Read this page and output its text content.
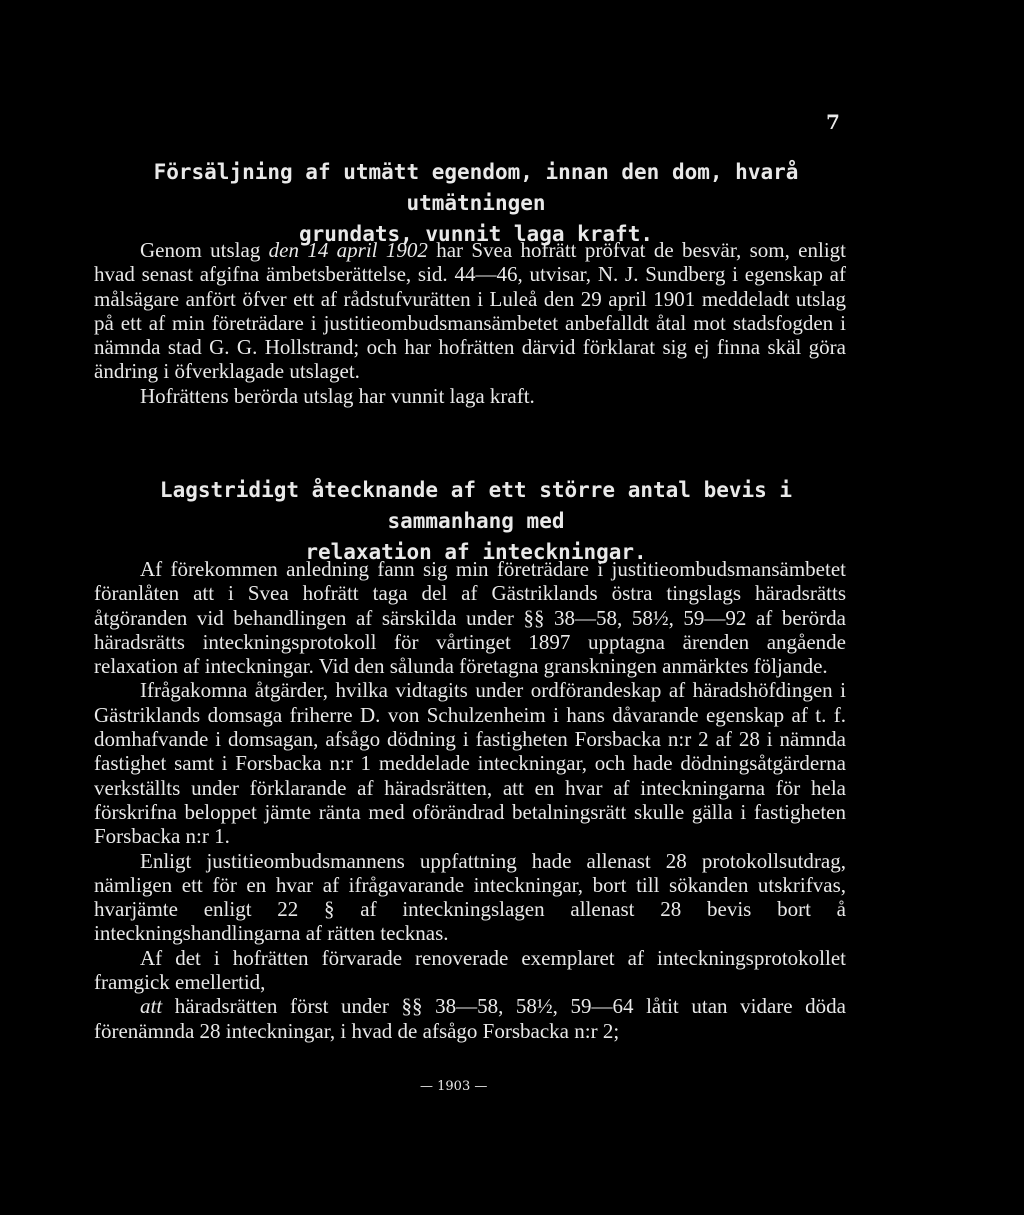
7
Försäljning af utmätt egendom, innan den dom, hvarå utmätningen
grundats, vunnit laga kraft.

Genom utslag den 14 april 1902 har Svea hofrätt pröfvat de besvär, som, enligt hvad senast afgifna ämbetsberättelse, sid. 44—46, utvisar, N. J. Sundberg i egenskap af målsägare anfört öfver ett af rådstufvurätten i Luleå den 29 april 1901 meddeladt utslag på ett af min företrädare i justitieombudsmansämbetet anbefalldt åtal mot stadsfogden i nämnda stad G. G. Hollstrand; och har hofrätten därvid förklarat sig ej finna skäl göra ändring i öfverklagade utslaget.

Hofrättens berörda utslag har vunnit laga kraft.

Lagstridigt åtecknande af ett större antal bevis i sammanhang med
relaxation af inteckningar.

Af förekommen anledning fann sig min företrädare i justitieombudsmansämbetet föranlåten att i Svea hofrätt taga del af Gästriklands östra tingslags häradsrätts åtgöranden vid behandlingen af särskilda under §§ 38—58, 58½, 59—92 af berörda häradsrätts inteckningsprotokoll för vårtinget 1897 upptagna ärenden angående relaxation af inteckningar. Vid den sålunda företagna granskningen anmärktes följande.

Ifrågakomna åtgärder, hvilka vidtagits under ordförandeskap af häradshöfdingen i Gästriklands domsaga friherre D. von Schulzenheim i hans dåvarande egenskap af t. f. domhafvande i domsagan, afsågo dödning i fastigheten Forsbacka n:r 2 af 28 i nämnda fastighet samt i Forsbacka n:r 1 meddelade inteckningar, och hade dödningsåtgärderna verkställts under förklarande af häradsrätten, att en hvar af inteckningarna för hela förskrifna beloppet jämte ränta med oförändrad betalningsrätt skulle gälla i fastigheten Forsbacka n:r 1.

Enligt justitieombudsmannens uppfattning hade allenast 28 protokollsutdrag, nämligen ett för en hvar af ifrågavarande inteckningar, bort till sökanden utskrifvas, hvarjämte enligt 22 § af inteckningslagen allenast 28 bevis bort å inteckningshandlingarna af rätten tecknas.

Af det i hofrätten förvarade renoverade exemplaret af inteckningsprotokollet framgick emellertid,

att häradsrätten först under §§ 38—58, 58½, 59—64 låtit utan vidare döda förenämnda 28 inteckningar, i hvad de afsågo Forsbacka n:r 2;

— 1903 —
